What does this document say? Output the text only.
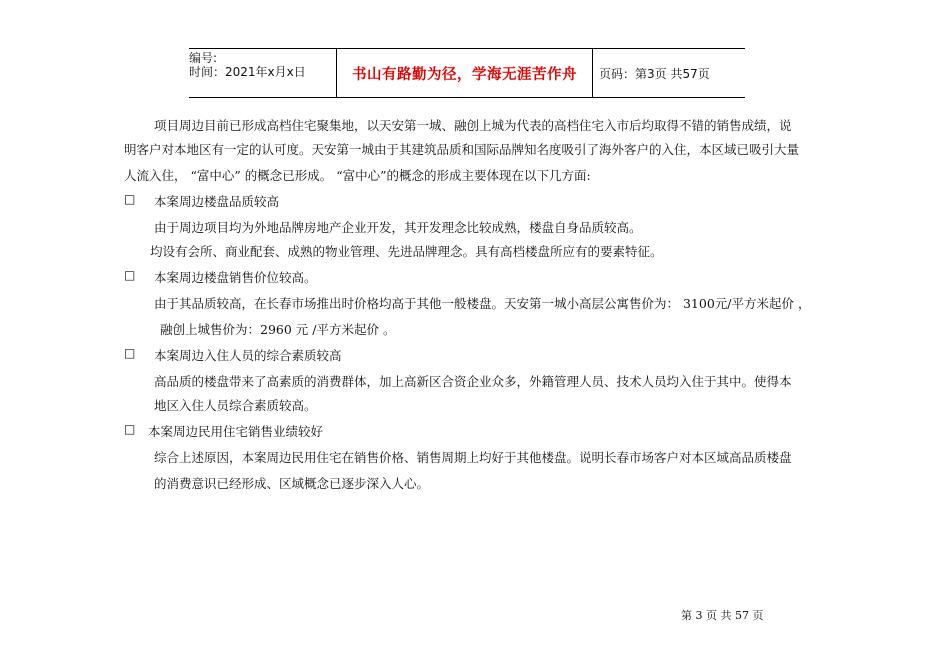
编号:
时间：2021年x月x日	书山有路勤为径，学海无涯苦作舟	页码：第3页 共57页
项目周边目前已形成高档住宅聚集地，以天安第一城、融创上城为代表的高档住宅入市后均取得不错的销售成绩，说
明客户对本地区有一定的认可度。天安第一城由于其建筑品质和国际品牌知名度吸引了海外客户的入住，本区域已吸引大量
人流入住， “富中心” 的概念已形成。 “富中心”的概念的形成主要体现在以下几方面:
□ 本案周边楼盘品质较高
由于周边项目均为外地品牌房地产企业开发，其开发理念比较成熟，楼盘自身品质较高。
均设有会所、商业配套、成熟的物业管理、先进品牌理念。具有高档楼盘所应有的要素特征。
□ 本案周边楼盘销售价位较高。
由于其品质较高，在长春市场推出时价格均高于其他一般楼盘。天安第一城小高层公寓售价为： 3100元/平方米起价 ，
融创上城售价为：2960 元 /平方米起价 。
□ 本案周边入住人员的综合素质较高
高品质的楼盘带来了高素质的消费群体，加上高新区合资企业众多，外籍管理人员、技术人员均入住于其中。使得本
地区入住人员综合素质较高。
□ 本案周边民用住宅销售业绩较好
综合上述原因，本案周边民用住宅在销售价格、销售周期上均好于其他楼盘。说明长春市场客户对本区域高品质楼盘
的消费意识已经形成、区域概念已逐步深入人心。
第 3 页 共 57 页
